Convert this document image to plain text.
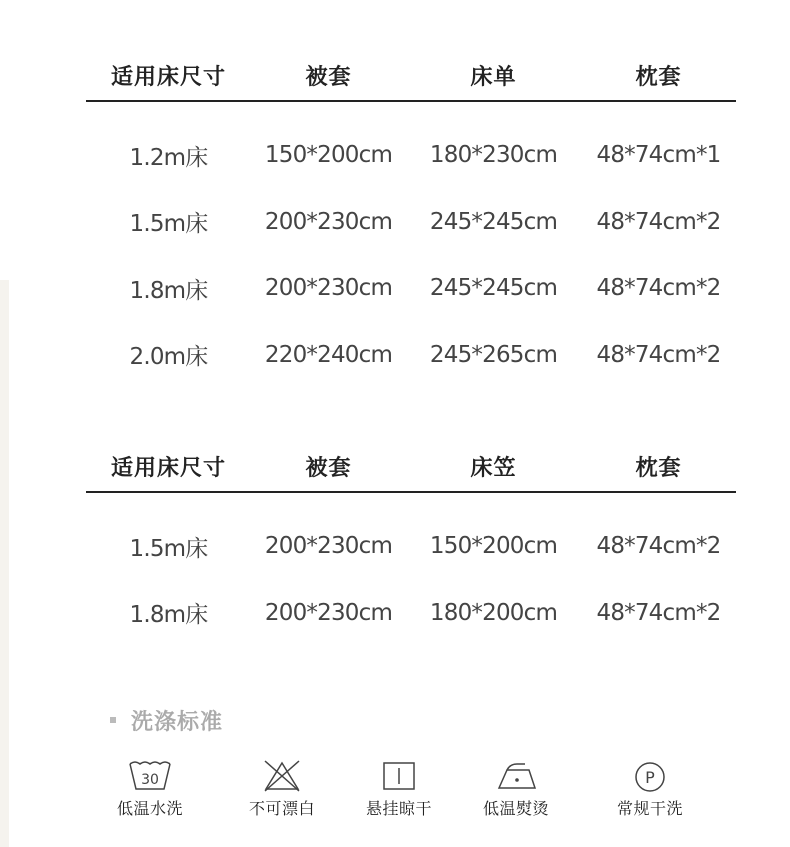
适用床尺寸	被套	床单	枕套
1.2m床	150*200cm	180*230cm	48*74cm*1
1.5m床	200*230cm	245*245cm	48*74cm*2
1.8m床	200*230cm	245*245cm	48*74cm*2
2.0m床	220*240cm	245*265cm	48*74cm*2
适用床尺寸	被套	床笠	枕套
1.5m床	200*230cm	150*200cm	48*74cm*2
1.8m床	200*230cm	180*200cm	48*74cm*2
洗涤标准
30
低温水洗	不可漂白	悬挂晾干	低温熨烫
P
常规干洗
